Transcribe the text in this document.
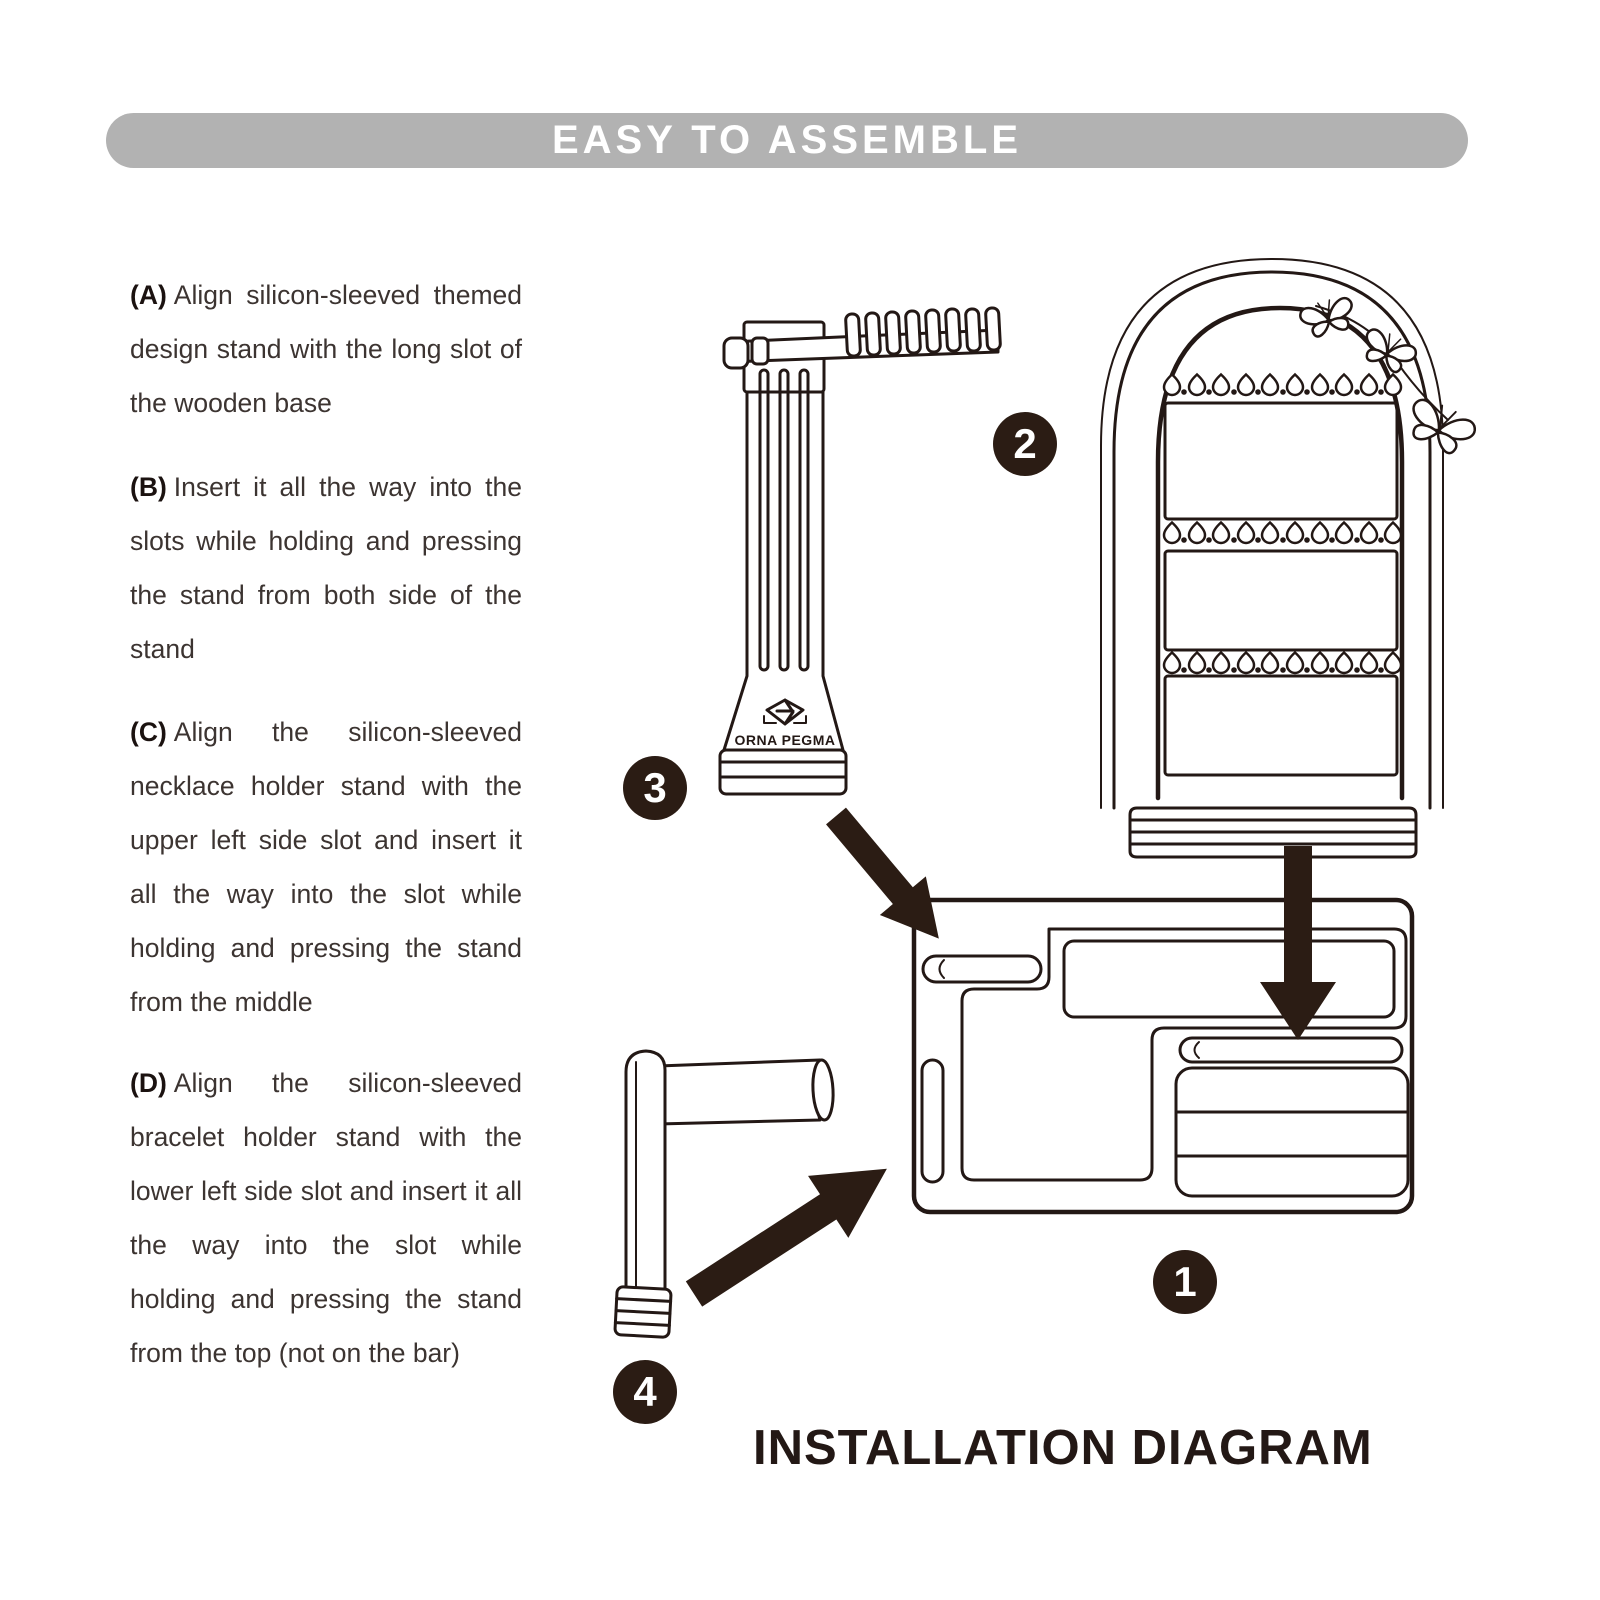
EASY TO ASSEMBLE

(A) Align silicon-sleeved themed design stand with the long slot of the wooden base

(B) Insert it all the way into the slots while holding and pressing the stand from both side of the stand

(C) Align the silicon-sleeved necklace holder stand with the upper left side slot and insert it all the way into the slot while holding and pressing the stand from the middle

(D) Align the silicon-sleeved bracelet holder stand with the lower left side slot and insert it all the way into the slot while holding and pressing the stand from the top (not on the bar)

ORNA PEGMA
1
2
3
4
INSTALLATION DIAGRAM
